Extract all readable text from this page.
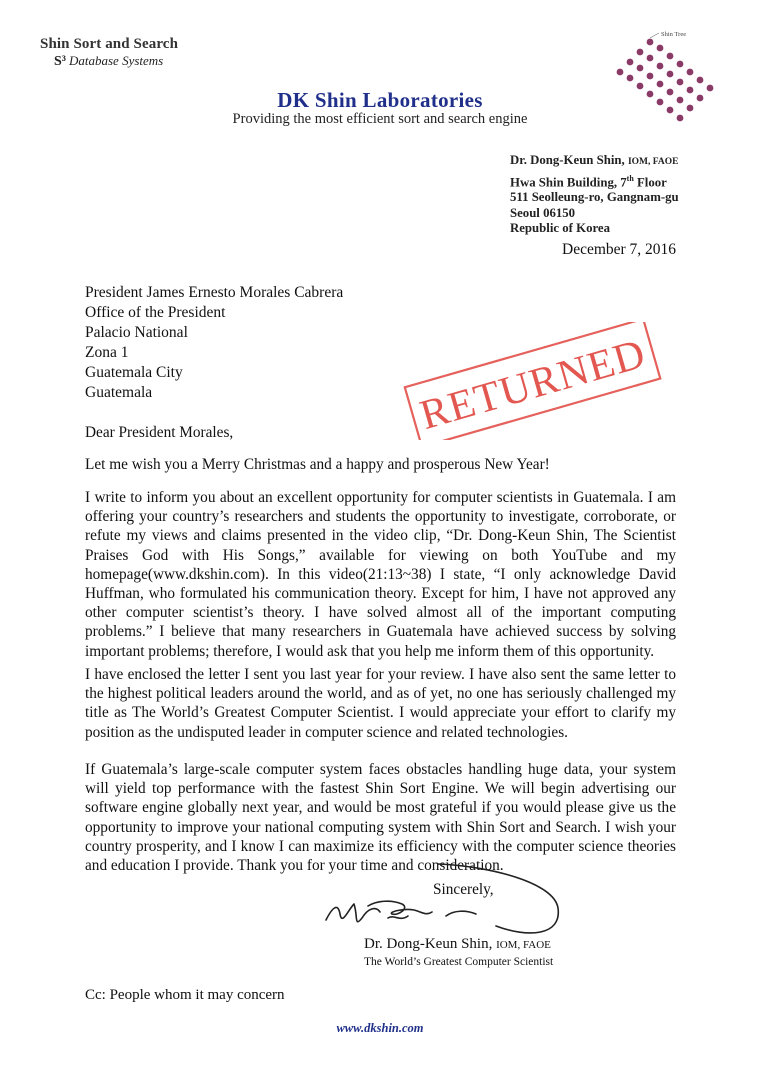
Shin Sort and Search
S³ Database Systems
DK Shin Laboratories
Providing the most efficient sort and search engine
Shin Tree
Dr. Dong-Keun Shin, IOM, FAOE
Hwa Shin Building, 7th Floor
511 Seolleung-ro, Gangnam-gu
Seoul 06150
Republic of Korea
December 7, 2016
President James Ernesto Morales Cabrera
Office of the President
Palacio National
Zona 1
Guatemala City
Guatemala	RETURNED
Dear President Morales,
Let me wish you a Merry Christmas and a happy and prosperous New Year!
I write to inform you about an excellent opportunity for computer scientists in Guatemala. I am offering your country’s researchers and students the opportunity to investigate, corroborate, or refute my views and claims presented in the video clip, “Dr. Dong-Keun Shin, The Scientist Praises God with His Songs,” available for viewing on both YouTube and my homepage(www.dkshin.com). In this video(21:13~38) I state, “I only acknowledge David Huffman, who formulated his communication theory. Except for him, I have not approved any other computer scientist’s theory. I have solved almost all of the important computing problems.” I believe that many researchers in Guatemala have achieved success by solving important problems; therefore, I would ask that you help me inform them of this opportunity.
I have enclosed the letter I sent you last year for your review. I have also sent the same letter to the highest political leaders around the world, and as of yet, no one has seriously challenged my title as The World’s Greatest Computer Scientist. I would appreciate your effort to clarify my position as the undisputed leader in computer science and related technologies.
If Guatemala’s large-scale computer system faces obstacles handling huge data, your system will yield top performance with the fastest Shin Sort Engine. We will begin advertising our software engine globally next year, and would be most grateful if you would please give us the opportunity to improve your national computing system with Shin Sort and Search. I wish your country prosperity, and I know I can maximize its efficiency with the computer science theories and education I provide. Thank you for your time and consideration.
Sincerely,
Dr. Dong-Keun Shin, IOM, FAOE
The World’s Greatest Computer Scientist
Cc: People whom it may concern
www.dkshin.com
